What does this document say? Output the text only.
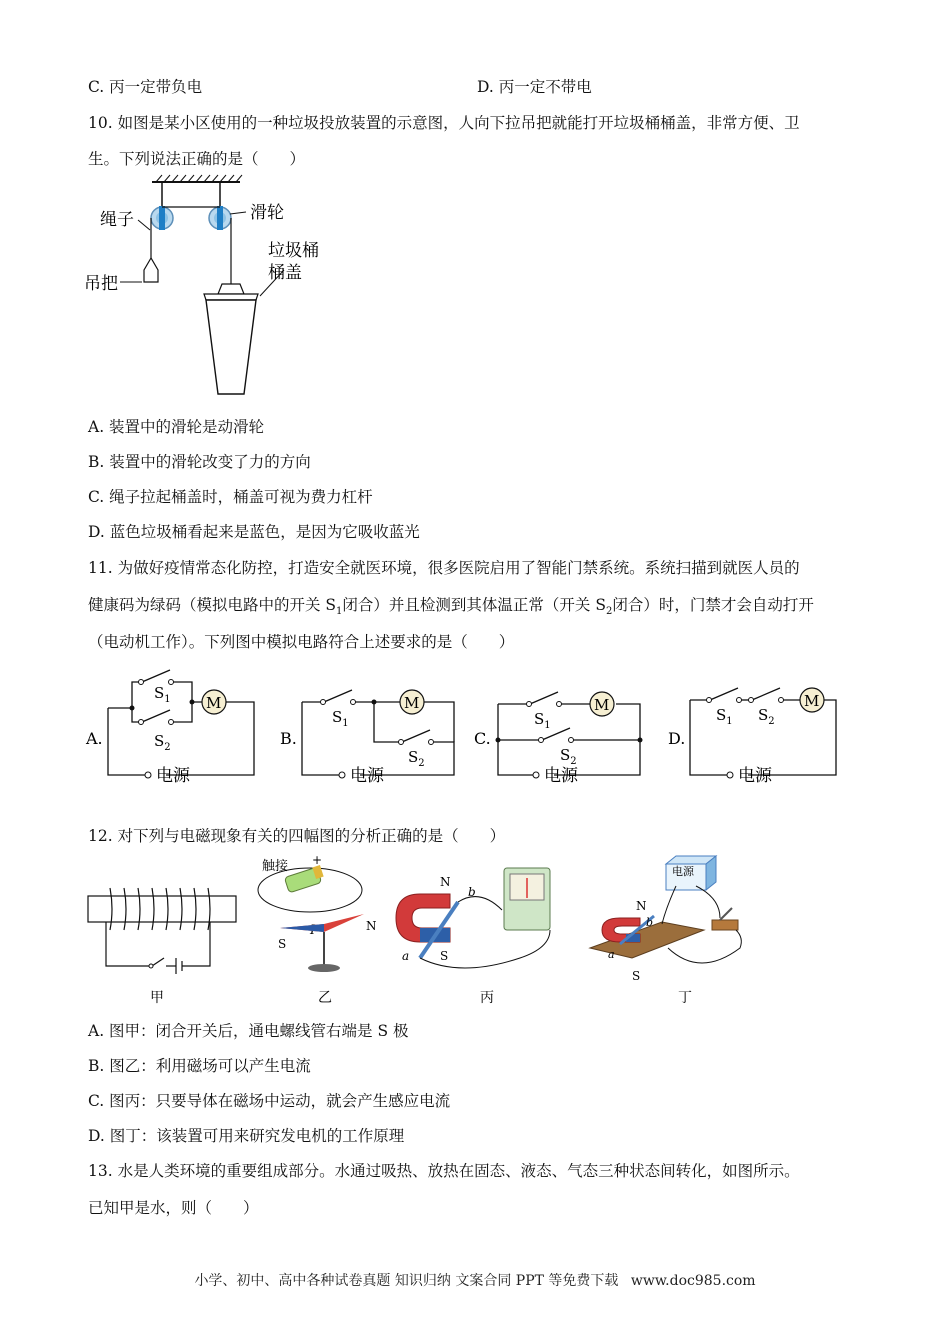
C. 丙一定带负电	D. 丙一定不带电
10. 如图是某小区使用的一种垃圾投放装置的示意图，人向下拉吊把就能打开垃圾桶桶盖，非常方便、卫
生。下列说法正确的是（　　）
绳子	滑轮
吊把
垃圾桶
桶盖
A. 装置中的滑轮是动滑轮
B. 装置中的滑轮改变了力的方向
C. 绳子拉起桶盖时，桶盖可视为费力杠杆
D. 蓝色垃圾桶看起来是蓝色，是因为它吸收蓝光
11. 为做好疫情常态化防控，打造安全就医环境，很多医院启用了智能门禁系统。系统扫描到就医人员的
健康码为绿码（模拟电路中的开关 $S_1$闭合）并且检测到其体温正常（开关 $S_2$闭合）时，门禁才会自动打开
（电动机工作）。下列图中模拟电路符合上述要求的是（　　）
A.
M
$S_1$
$S_2$
电源
B.
M
$S_1$
$S_2$
电源
C.
M
$S_1$
$S_2$
电源
D.
M
$S_1$ $S_2$
电源
12. 对下列与电磁现象有关的四幅图的分析正确的是（　　）
甲
触接 +
S
N
乙
N
S
b
a
丙
N
S
b
a
电源
丁
A. 图甲：闭合开关后，通电螺线管右端是 S 极
B. 图乙：利用磁场可以产生电流
C. 图丙：只要导体在磁场中运动，就会产生感应电流
D. 图丁：该装置可用来研究发电机的工作原理
13. 水是人类环境的重要组成部分。水通过吸热、放热在固态、液态、气态三种状态间转化，如图所示。
已知甲是水，则（　　）
小学、初中、高中各种试卷真题 知识归纳 文案合同 PPT 等免费下载 www.doc985.com
